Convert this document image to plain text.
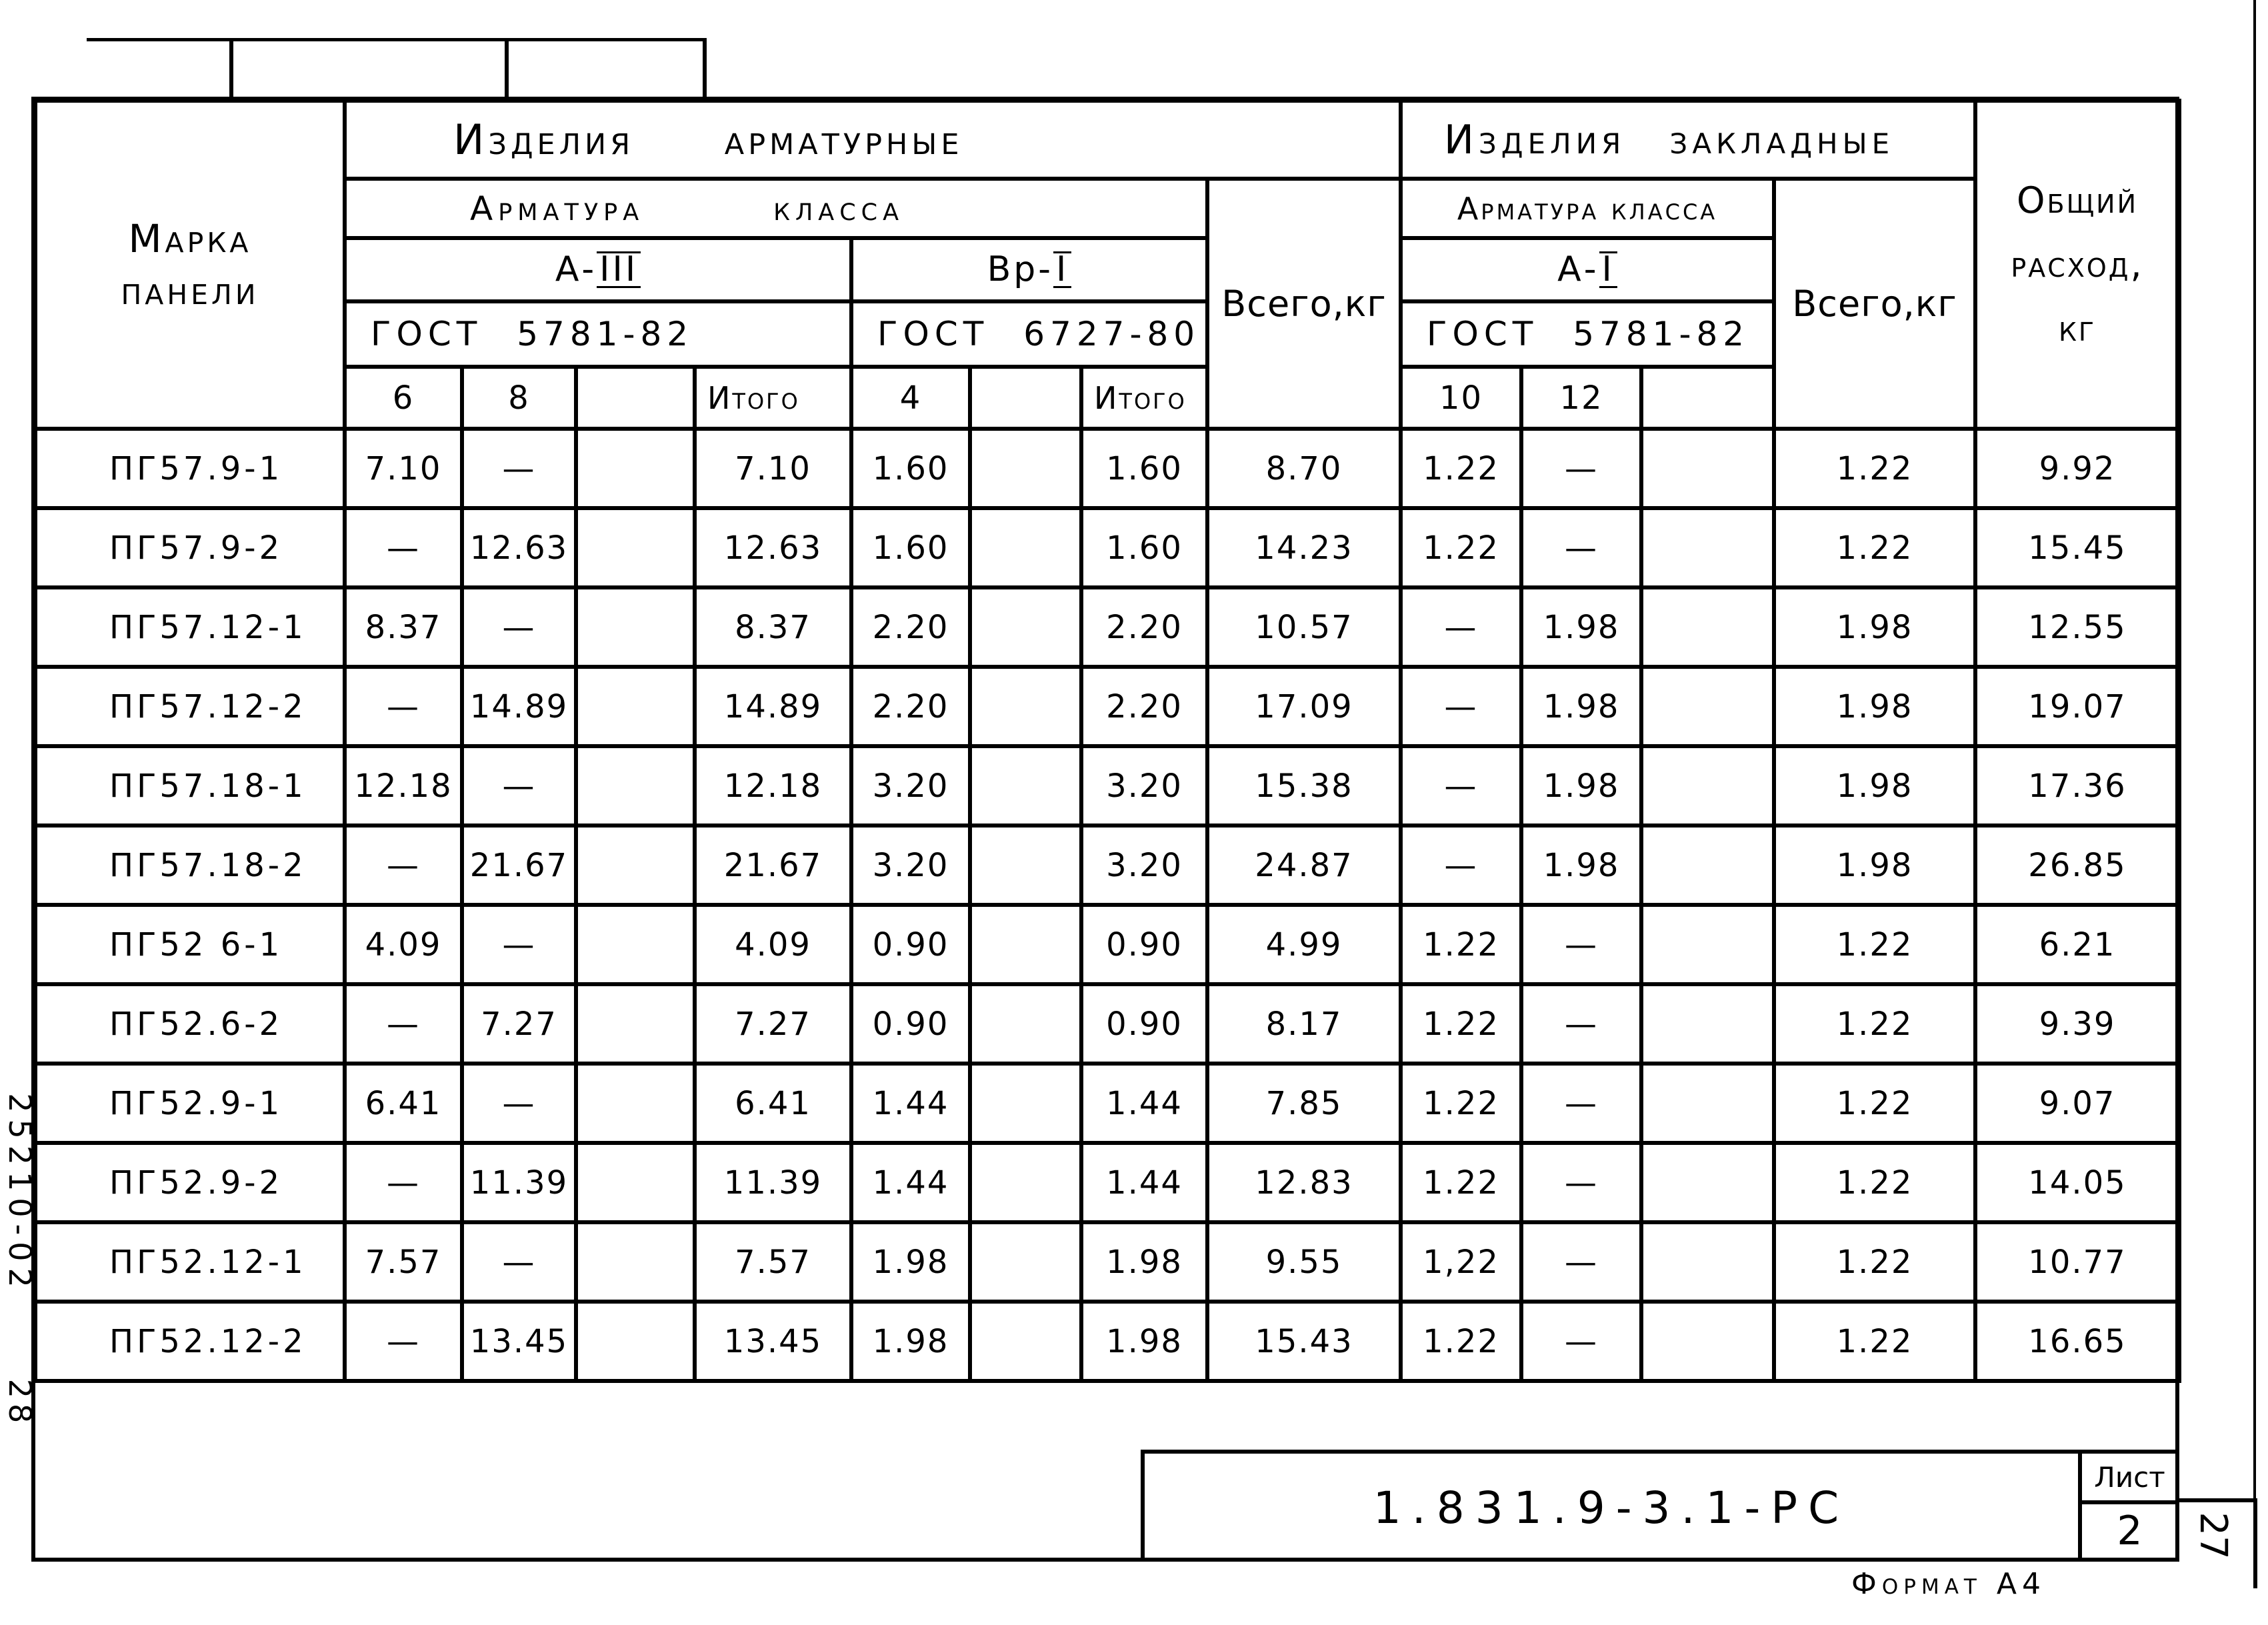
Марка панели	Изделия арматурные								Изделия закладные				Общий расход, кг
	Арматура класса							Всего,кг	Арматура класса			Всего,кг	
	А-III				Вр-I				А-I				
	ГОСТ 5781-82				ГОСТ 6727-80				ГОСТ 5781-82				
	6	8		Итого	4		Итого		10	12			
ПГ57.9-1	7.10	—		7.10	1.60		1.60	8.70	1.22	—		1.22	9.92
ПГ57.9-2	—	12.63		12.63	1.60		1.60	14.23	1.22	—		1.22	15.45
ПГ57.12-1	8.37	—		8.37	2.20		2.20	10.57	—	1.98		1.98	12.55
ПГ57.12-2	—	14.89		14.89	2.20		2.20	17.09	—	1.98		1.98	19.07
ПГ57.18-1	12.18	—		12.18	3.20		3.20	15.38	—	1.98		1.98	17.36
ПГ57.18-2	—	21.67		21.67	3.20		3.20	24.87	—	1.98		1.98	26.85
ПГ52 6-1	4.09	—		4.09	0.90		0.90	4.99	1.22	—		1.22	6.21
ПГ52.6-2	—	7.27		7.27	0.90		0.90	8.17	1.22	—		1.22	9.39
ПГ52.9-1	6.41	—		6.41	1.44		1.44	7.85	1.22	—		1.22	9.07
ПГ52.9-2	—	11.39		11.39	1.44		1.44	12.83	1.22	—		1.22	14.05
ПГ52.12-1	7.57	—		7.57	1.98		1.98	9.55	1,22	—		1.22	10.77
ПГ52.12-2	—	13.45		13.45	1.98		1.98	15.43	1.22	—		1.22	16.65
1.831.9-3.1-РС
Лист
2	27
Формат А4
25210-02
28
